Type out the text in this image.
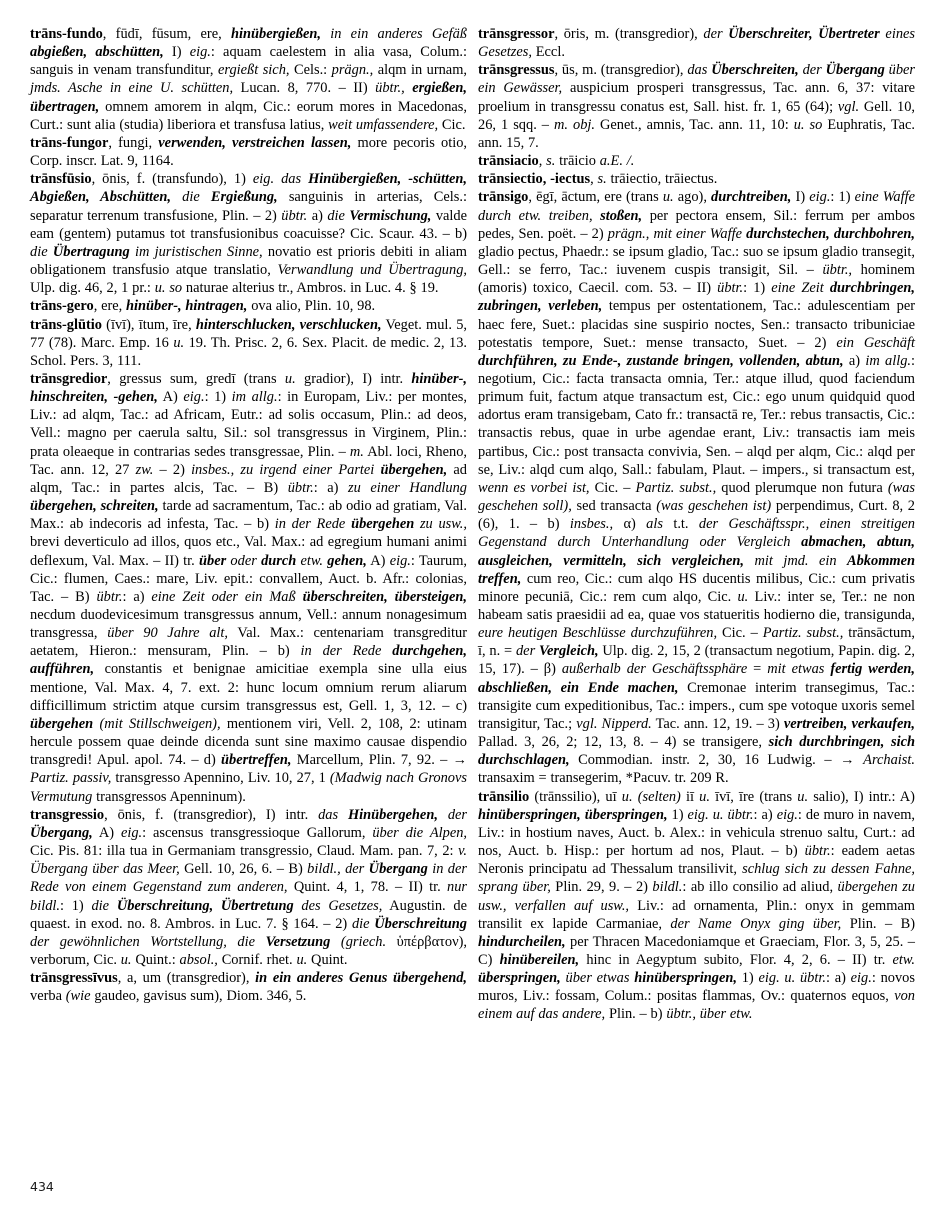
trāns-fundo, fūdī, fūsum, ere, hinübergießen, in ein anderes Gefäß abgießen, abschütten, I) eig.: aquam caelestem in alia vasa, Colum.: sanguis in venam transfunditur, ergießt sich, Cels.: prägn., alqm in urnam, jmds. Asche in eine U. schütten, Lucan. 8, 770. – II) übtr., ergießen, übertragen, omnem amorem in alqm, Cic.: eorum mores in Macedonas, Curt.: sunt alia (studia) liberiora et transfusa latius, weit umfassendere, Cic.

trāns-fungor, fungi, verwenden, verstreichen lassen, more pecoris otio, Corp. inscr. Lat. 9, 1164.

trānsfūsio, ōnis, f. (transfundo), 1) eig. das Hinübergießen, -schütten, Abgießen, Abschütten, die Ergießung, sanguinis in arterias, Cels.: separatur terrenum transfusione, Plin. – 2) übtr. a) die Vermischung, valde eam (gentem) putamus tot transfusionibus coacuisse? Cic. Scaur. 43. – b) die Übertragung im juristischen Sinne, novatio est prioris debiti in aliam obligationem transfusio atque translatio, Verwandlung und Übertragung, Ulp. dig. 46, 2, 1 pr.: u. so naturae alterius tr., Ambros. in Luc. 4. § 19.

trāns-gero, ere, hinüber-, hintragen, ova alio, Plin. 10, 98.

trāns-glūtio (īvī), ītum, īre, hinterschlucken, verschlucken, Veget. mul. 5, 77 (78). Marc. Emp. 16 u. 19. Th. Prisc. 2, 6. Sex. Placit. de medic. 2, 13. Schol. Pers. 3, 111.

trānsgredior, gressus sum, gredī (trans u. gradior), I) intr. hinüber-, hinschreiten, -gehen, A) eig.: 1) im allg.: in Europam, Liv.: per montes, Liv.: ad alqm, Tac.: ad Africam, Eutr.: ad solis occasum, Plin.: ad deos, Vell.: magno per caerula saltu, Sil.: sol transgressus in Virginem, Plin.: prata oleaeque in contrarias sedes transgressae, Plin. – m. Abl. loci, Rheno, Tac. ann. 12, 27 zw. – 2) insbes., zu irgend einer Partei übergehen, ad alqm, Tac.: in partes alcis, Tac. – B) übtr.: a) zu einer Handlung übergehen, schreiten, tarde ad sacramentum, Tac.: ab odio ad gratiam, Val. Max.: ab indecoris ad infesta, Tac. – b) in der Rede übergehen zu usw., brevi deverticulo ad illos, quos etc., Val. Max.: ad egregium humani animi deflexum, Val. Max. – II) tr. über oder durch etw. gehen, A) eig.: Taurum, Cic.: flumen, Caes.: mare, Liv. epit.: convallem, Auct. b. Afr.: colonias, Tac. – B) übtr.: a) eine Zeit oder ein Maß überschreiten, übersteigen, necdum duodevicesimum transgressus annum, Vell.: annum nonagesimum transgressa, über 90 Jahre alt, Val. Max.: centenariam transgreditur aetatem, Hieron.: mensuram, Plin. – b) in der Rede durchgehen, aufführen, constantis et benignae amicitiae exempla sine ulla eius mentione, Val. Max. 4, 7. ext. 2: hunc locum omnium rerum aliarum difficillimum strictim atque cursim transgressus est, Gell. 1, 3, 12. – c) übergehen (mit Stillschweigen), mentionem viri, Vell. 2, 108, 2: utinam hercule possem quae deinde dicenda sunt sine maximo causae dispendio transgredi! Apul. apol. 74. – d) übertreffen, Marcellum, Plin. 7, 92. – → Partiz. passiv, transgresso Apennino, Liv. 10, 27, 1 (Madwig nach Gronovs Vermutung transgressos Apenninum).

transgressio, ōnis, f. (transgredior), I) intr. das Hinübergehen, der Übergang, A) eig.: ascensus transgressioque Gallorum, über die Alpen, Cic. Pis. 81: illa tua in Germaniam transgressio, Claud. Mam. pan. 7, 2: v. Übergang über das Meer, Gell. 10, 26, 6. – B) bildl., der Übergang in der Rede von einem Gegenstand zum anderen, Quint. 4, 1, 78. – II) tr. nur bildl.: 1) die Überschreitung, Übertretung des Gesetzes, Augustin. de quaest. in exod. no. 8. Ambros. in Luc. 7. § 164. – 2) die Überschreitung der gewöhnlichen Wortstellung, die Versetzung (griech. ὑπέρβατον), verborum, Cic. u. Quint.: absol., Cornif. rhet. u. Quint.

trānsgressīvus, a, um (transgredior), in ein anderes Genus übergehend, verba (wie gaudeo, gavisus sum), Diom. 346, 5.

trānsgressor, ōris, m. (transgredior), der Überschreiter, Übertreter eines Gesetzes, Eccl.

trānsgressus, ūs, m. (transgredior), das Überschreiten, der Übergang über ein Gewässer, auspicium prosperi transgressus, Tac. ann. 6, 37: vitare proelium in transgressu conatus est, Sall. hist. fr. 1, 65 (64); vgl. Gell. 10, 26, 1 sqq. – m. obj. Genet., amnis, Tac. ann. 11, 10: u. so Euphratis, Tac. ann. 15, 7.

trānsiacio, s. trāicio a.E. /.

trānsiectio, -iectus, s. trāiectio, trāiectus.

trānsigo, ēgī, āctum, ere (trans u. ago), durchtreiben, I) eig.: 1) eine Waffe durch etw. treiben, stoßen, per pectora ensem, Sil.: ferrum per ambos pedes, Sen. poët. – 2) prägn., mit einer Waffe durchstechen, durchbohren, gladio pectus, Phaedr.: se ipsum gladio, Tac.: suo se ipsum gladio transegit, Gell.: se ferro, Tac.: iuvenem cuspis transigit, Sil. – übtr., hominem (amoris) toxico, Caecil. com. 53. – II) übtr.: 1) eine Zeit durchbringen, zubringen, verleben, tempus per ostentationem, Tac.: adulescentiam per haec fere, Suet.: placidas sine suspirio noctes, Sen.: transacto tribuniciae potestatis tempore, Suet.: mense transacto, Suet. – 2) ein Geschäft durchführen, zu Ende-, zustande bringen, vollenden, abtun, a) im allg.: negotium, Cic.: facta transacta omnia, Ter.: atque illud, quod faciendum primum fuit, factum atque transactum est, Cic.: ego unum quidquid quod adortus eram transigebam, Cato fr.: transactā re, Ter.: rebus transactis, Cic.: transactis rebus, quae in urbe agendae erant, Liv.: transactis iam meis partibus, Cic.: post transacta convivia, Sen. – alqd per alqm, Cic.: alqd per se, Liv.: alqd cum alqo, Sall.: fabulam, Plaut. – impers., si transactum est, wenn es vorbei ist, Cic. – Partiz. subst., quod plerumque non futura (was geschehen soll), sed transacta (was geschehen ist) perpendimus, Curt. 8, 2 (6), 1. – b) insbes., α) als t.t. der Geschäftsspr., einen streitigen Gegenstand durch Unterhandlung oder Vergleich abmachen, abtun, ausgleichen, vermitteln, sich vergleichen, mit jmd. ein Abkommen treffen, cum reo, Cic.: cum alqo HS ducentis milibus, Cic.: cum privatis minore pecuniā, Cic.: rem cum alqo, Cic. u. Liv.: inter se, Ter.: ne non habeam satis praesidii ad ea, quae vos statueritis hodierno die, transigunda, eure heutigen Beschlüsse durchzuführen, Cic. – Partiz. subst., trānsāctum, ī, n. = der Vergleich, Ulp. dig. 2, 15, 2 (transactum negotium, Papin. dig. 2, 15, 17). – β) außerhalb der Geschäftssphäre = mit etwas fertig werden, abschließen, ein Ende machen, Cremonae interim transegimus, Tac.: transigite cum expeditionibus, Tac.: impers., cum spe votoque uxoris semel transigitur, Tac.; vgl. Nipperd. Tac. ann. 12, 19. – 3) vertreiben, verkaufen, Pallad. 3, 26, 2; 12, 13, 8. – 4) se transigere, sich durchbringen, sich durchschlagen, Commodian. instr. 2, 30, 16 Ludwig. – → Archaist. transaxim = transegerim, *Pacuv. tr. 209 R.

trānsilio (trānssilio), uī u. (selten) iī u. īvī, īre (trans u. salio), I) intr.: A) hinüberspringen, überspringen, 1) eig. u. übtr.: a) eig.: de muro in navem, Liv.: in hostium naves, Auct. b. Alex.: in vehicula strenuo saltu, Curt.: ad nos, Auct. b. Hisp.: per hortum ad nos, Plaut. – b) übtr.: eadem aetas Neronis principatu ad Thessalum transilivit, schlug sich zu dessen Fahne, sprang über, Plin. 29, 9. – 2) bildl.: ab illo consilio ad aliud, übergehen zu usw., verfallen auf usw., Liv.: ad ornamenta, Plin.: onyx in gemmam transilit ex lapide Carmaniae, der Name Onyx ging über, Plin. – B) hindurcheilen, per Thracen Macedoniamque et Graeciam, Flor. 3, 5, 25. – C) hinübereilen, hinc in Aegyptum subito, Flor. 4, 2, 6. – II) tr. etw. überspringen, über etwas hinüberspringen, 1) eig. u. übtr.: a) eig.: novos muros, Liv.: fossam, Colum.: positas flammas, Ov.: quaternos equos, von einem auf das andere, Plin. – b) übtr., über etw.

434
